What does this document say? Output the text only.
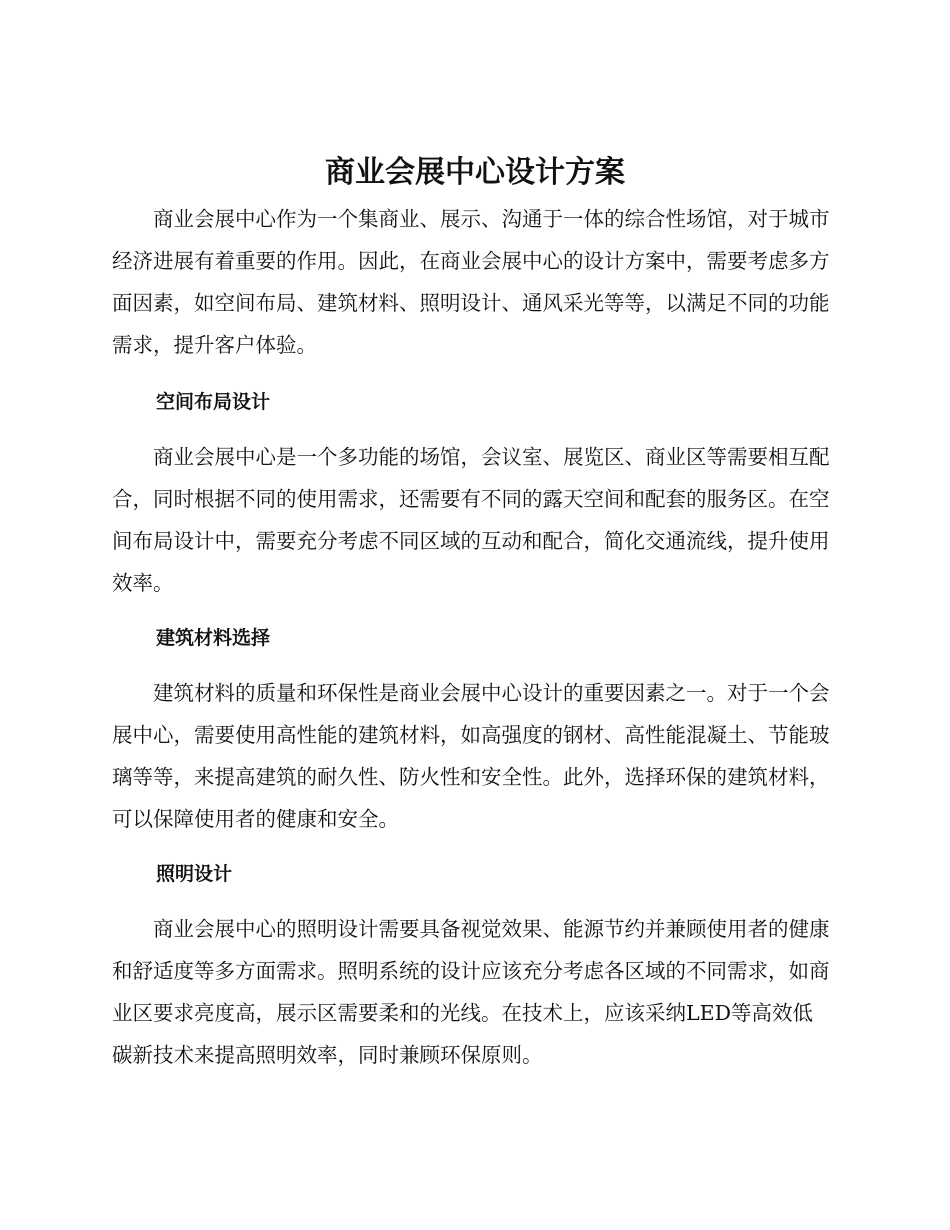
商业会展中心设计方案

商业会展中心作为一个集商业、展示、沟通于一体的综合性场馆，对于城市经济进展有着重要的作用。因此，在商业会展中心的设计方案中，需要考虑多方面因素，如空间布局、建筑材料、照明设计、通风采光等等，以满足不同的功能需求，提升客户体验。

空间布局设计

商业会展中心是一个多功能的场馆，会议室、展览区、商业区等需要相互配合，同时根据不同的使用需求，还需要有不同的露天空间和配套的服务区。在空间布局设计中，需要充分考虑不同区域的互动和配合，简化交通流线，提升使用效率。

建筑材料选择

建筑材料的质量和环保性是商业会展中心设计的重要因素之一。对于一个会展中心，需要使用高性能的建筑材料，如高强度的钢材、高性能混凝土、节能玻璃等等，来提高建筑的耐久性、防火性和安全性。此外，选择环保的建筑材料，可以保障使用者的健康和安全。

照明设计

商业会展中心的照明设计需要具备视觉效果、能源节约并兼顾使用者的健康和舒适度等多方面需求。照明系统的设计应该充分考虑各区域的不同需求，如商业区要求亮度高，展示区需要柔和的光线。在技术上，应该采纳LED等高效低碳新技术来提高照明效率，同时兼顾环保原则。
